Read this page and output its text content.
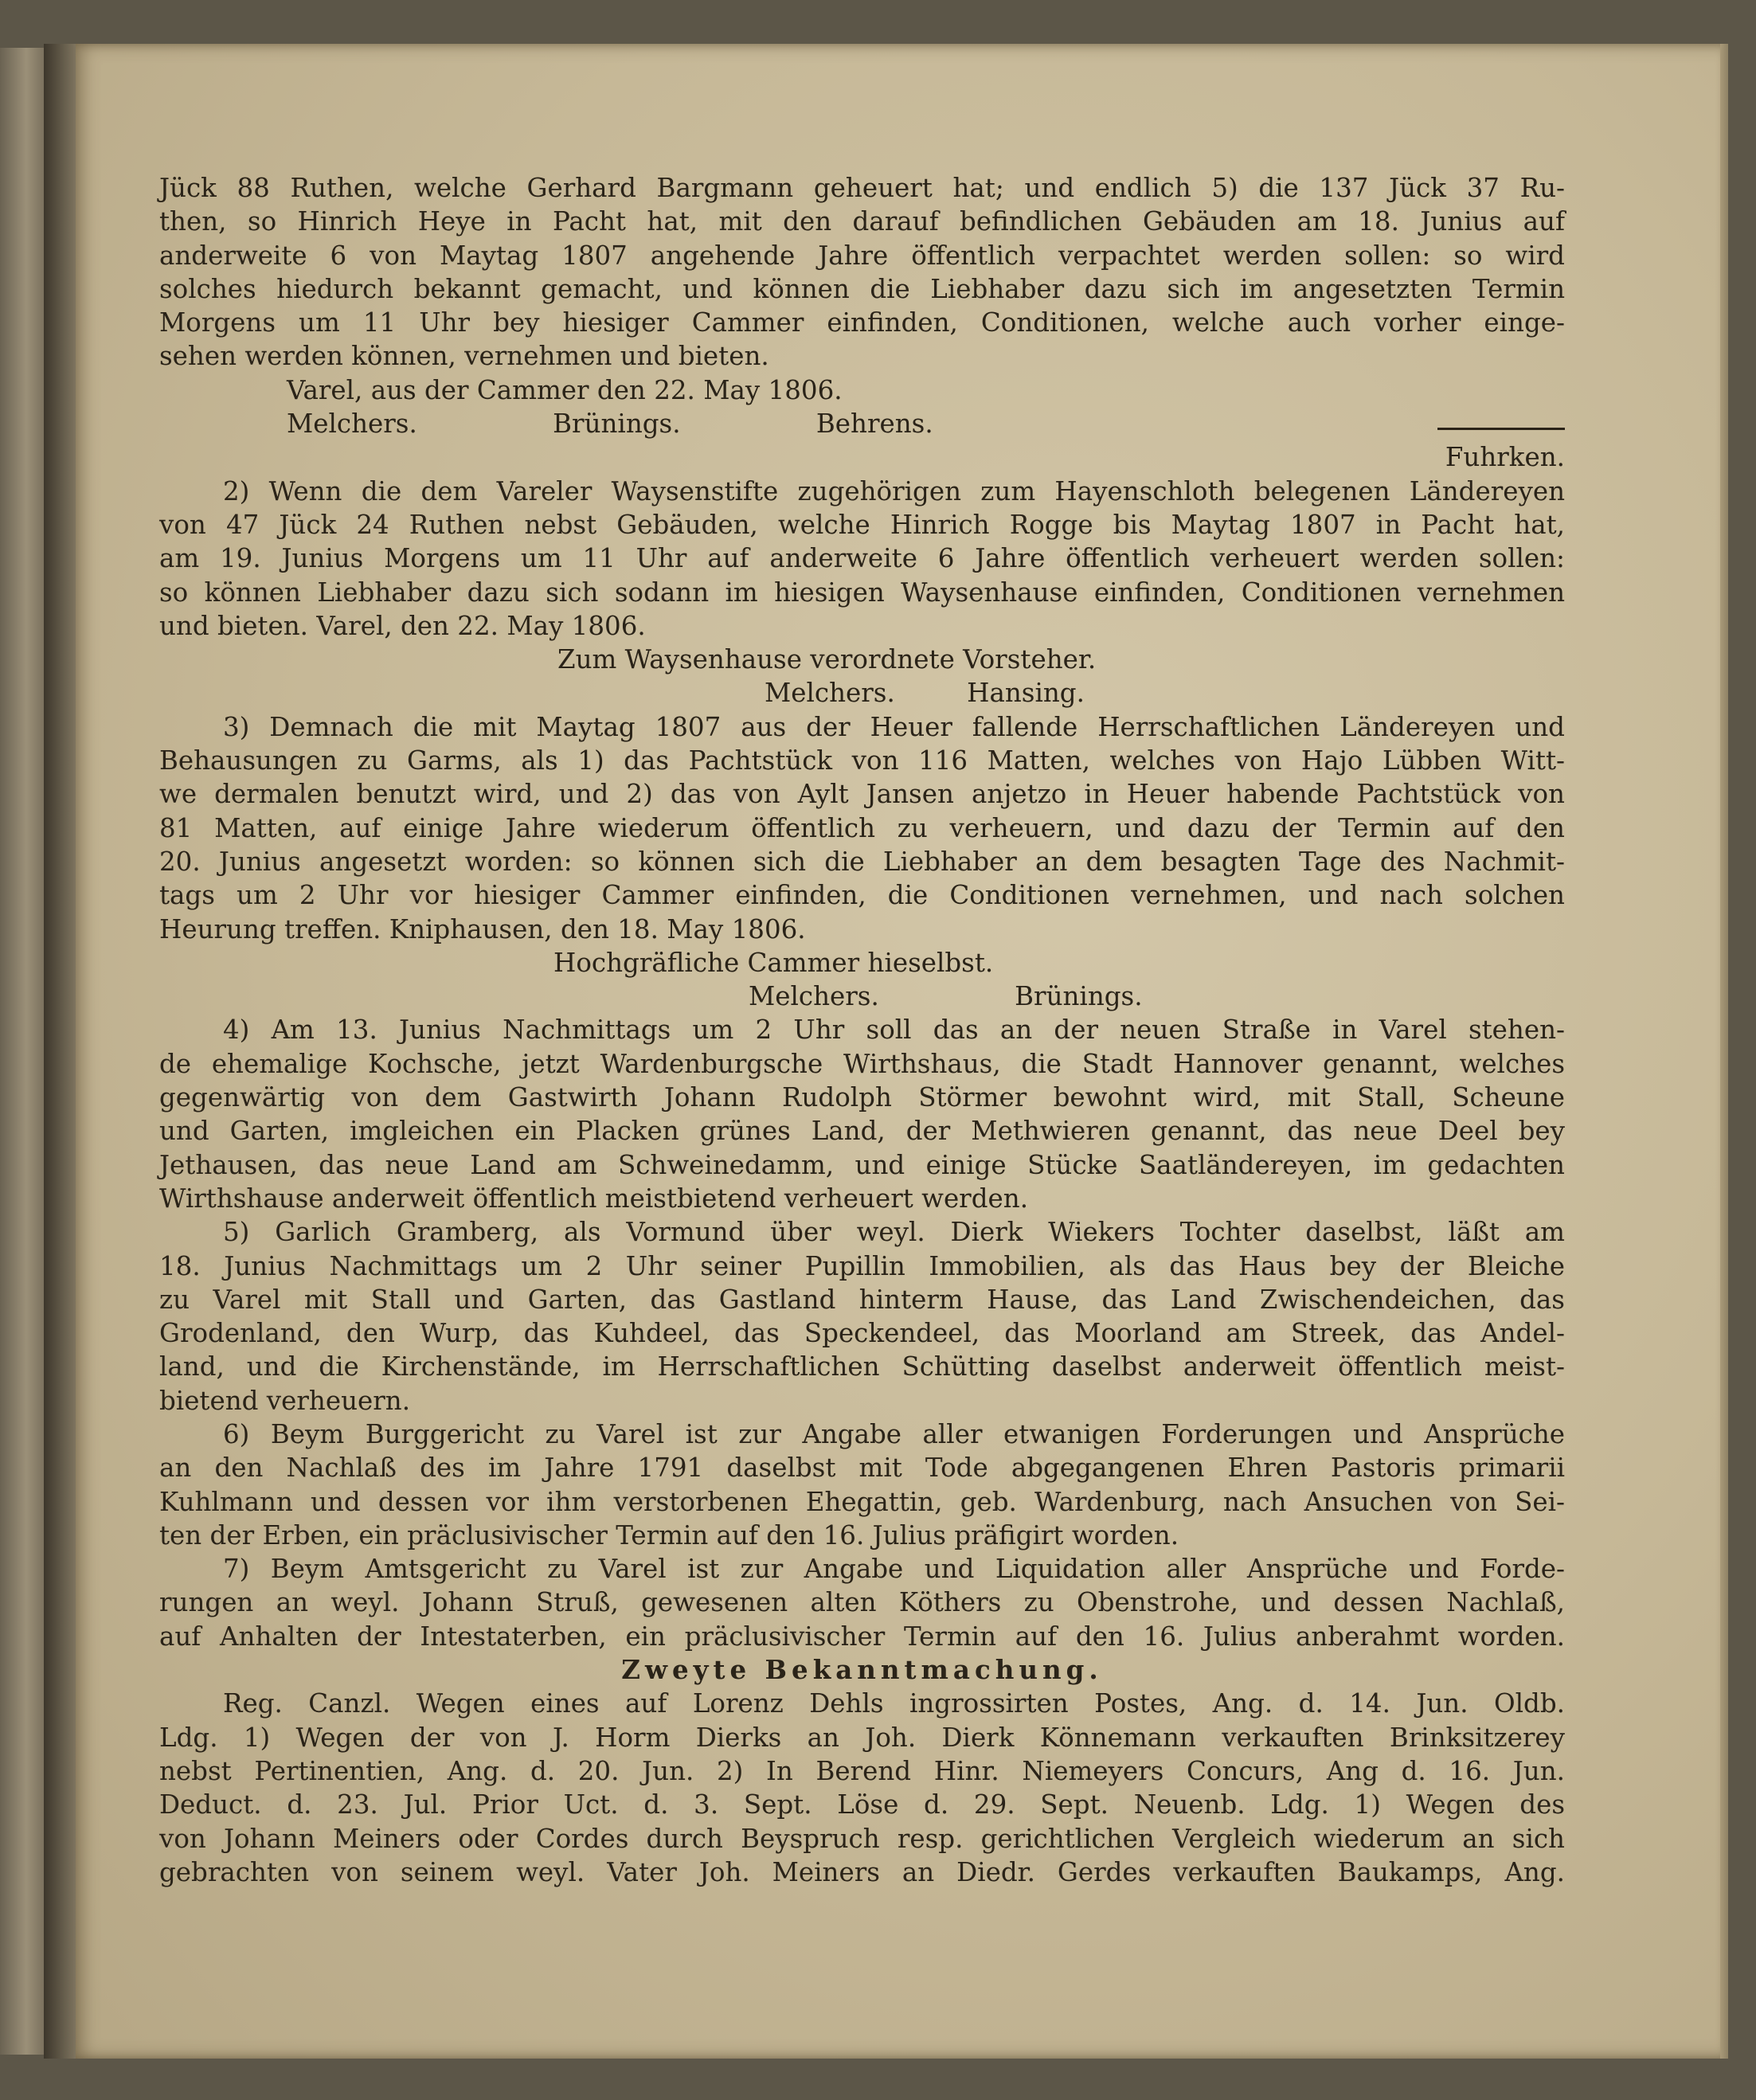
Jück 88 Ruthen, welche Gerhard Bargmann geheuert hat; und endlich 5) die 137 Jück 37 Ru-
then, so Hinrich Heye in Pacht hat, mit den darauf befindlichen Gebäuden am 18. Junius auf
anderweite 6 von Maytag 1807 angehende Jahre öffentlich verpachtet werden sollen: so wird
solches hiedurch bekannt gemacht, und können die Liebhaber dazu sich im angesetzten Termin
Morgens um 11 Uhr bey hiesiger Cammer einfinden, Conditionen, welche auch vorher einge-
sehen werden können, vernehmen und bieten.
Varel, aus der Cammer den 22. May 1806.
Melchers. Brünings. Behrens.
Fuhrken.
2) Wenn die dem Vareler Waysenstifte zugehörigen zum Hayenschloth belegenen Ländereyen
von 47 Jück 24 Ruthen nebst Gebäuden, welche Hinrich Rogge bis Maytag 1807 in Pacht hat,
am 19. Junius Morgens um 11 Uhr auf anderweite 6 Jahre öffentlich verheuert werden sollen:
so können Liebhaber dazu sich sodann im hiesigen Waysenhause einfinden, Conditionen vernehmen
und bieten. Varel, den 22. May 1806.
Zum Waysenhause verordnete Vorsteher.
Melchers. Hansing.
3) Demnach die mit Maytag 1807 aus der Heuer fallende Herrschaftlichen Ländereyen und
Behausungen zu Garms, als 1) das Pachtstück von 116 Matten, welches von Hajo Lübben Witt-
we dermalen benutzt wird, und 2) das von Aylt Jansen anjetzo in Heuer habende Pachtstück von
81 Matten, auf einige Jahre wiederum öffentlich zu verheuern, und dazu der Termin auf den
20. Junius angesetzt worden: so können sich die Liebhaber an dem besagten Tage des Nachmit-
tags um 2 Uhr vor hiesiger Cammer einfinden, die Conditionen vernehmen, und nach solchen
Heurung treffen. Kniphausen, den 18. May 1806.
Hochgräfliche Cammer hieselbst.
Melchers. Brünings.
4) Am 13. Junius Nachmittags um 2 Uhr soll das an der neuen Straße in Varel stehen-
de ehemalige Kochsche, jetzt Wardenburgsche Wirthshaus, die Stadt Hannover genannt, welches
gegenwärtig von dem Gastwirth Johann Rudolph Störmer bewohnt wird, mit Stall, Scheune
und Garten, imgleichen ein Placken grünes Land, der Methwieren genannt, das neue Deel bey
Jethausen, das neue Land am Schweinedamm, und einige Stücke Saatländereyen, im gedachten
Wirthshause anderweit öffentlich meistbietend verheuert werden.
5) Garlich Gramberg, als Vormund über weyl. Dierk Wiekers Tochter daselbst, läßt am
18. Junius Nachmittags um 2 Uhr seiner Pupillin Immobilien, als das Haus bey der Bleiche
zu Varel mit Stall und Garten, das Gastland hinterm Hause, das Land Zwischendeichen, das
Grodenland, den Wurp, das Kuhdeel, das Speckendeel, das Moorland am Streek, das Andel-
land, und die Kirchenstände, im Herrschaftlichen Schütting daselbst anderweit öffentlich meist-
bietend verheuern.
6) Beym Burggericht zu Varel ist zur Angabe aller etwanigen Forderungen und Ansprüche
an den Nachlaß des im Jahre 1791 daselbst mit Tode abgegangenen Ehren Pastoris primarii
Kuhlmann und dessen vor ihm verstorbenen Ehegattin, geb. Wardenburg, nach Ansuchen von Sei-
ten der Erben, ein präclusivischer Termin auf den 16. Julius präfigirt worden.
7) Beym Amtsgericht zu Varel ist zur Angabe und Liquidation aller Ansprüche und Forde-
rungen an weyl. Johann Struß, gewesenen alten Köthers zu Obenstrohe, und dessen Nachlaß,
auf Anhalten der Intestaterben, ein präclusivischer Termin auf den 16. Julius anberahmt worden.
Zweyte Bekanntmachung.
Reg. Canzl. Wegen eines auf Lorenz Dehls ingrossirten Postes, Ang. d. 14. Jun. Oldb.
Ldg. 1) Wegen der von J. Horm Dierks an Joh. Dierk Könnemann verkauften Brinksitzerey
nebst Pertinentien, Ang. d. 20. Jun. 2) In Berend Hinr. Niemeyers Concurs, Ang d. 16. Jun.
Deduct. d. 23. Jul. Prior Uct. d. 3. Sept. Löse d. 29. Sept. Neuenb. Ldg. 1) Wegen des
von Johann Meiners oder Cordes durch Beyspruch resp. gerichtlichen Vergleich wiederum an sich
gebrachten von seinem weyl. Vater Joh. Meiners an Diedr. Gerdes verkauften Baukamps, Ang.
